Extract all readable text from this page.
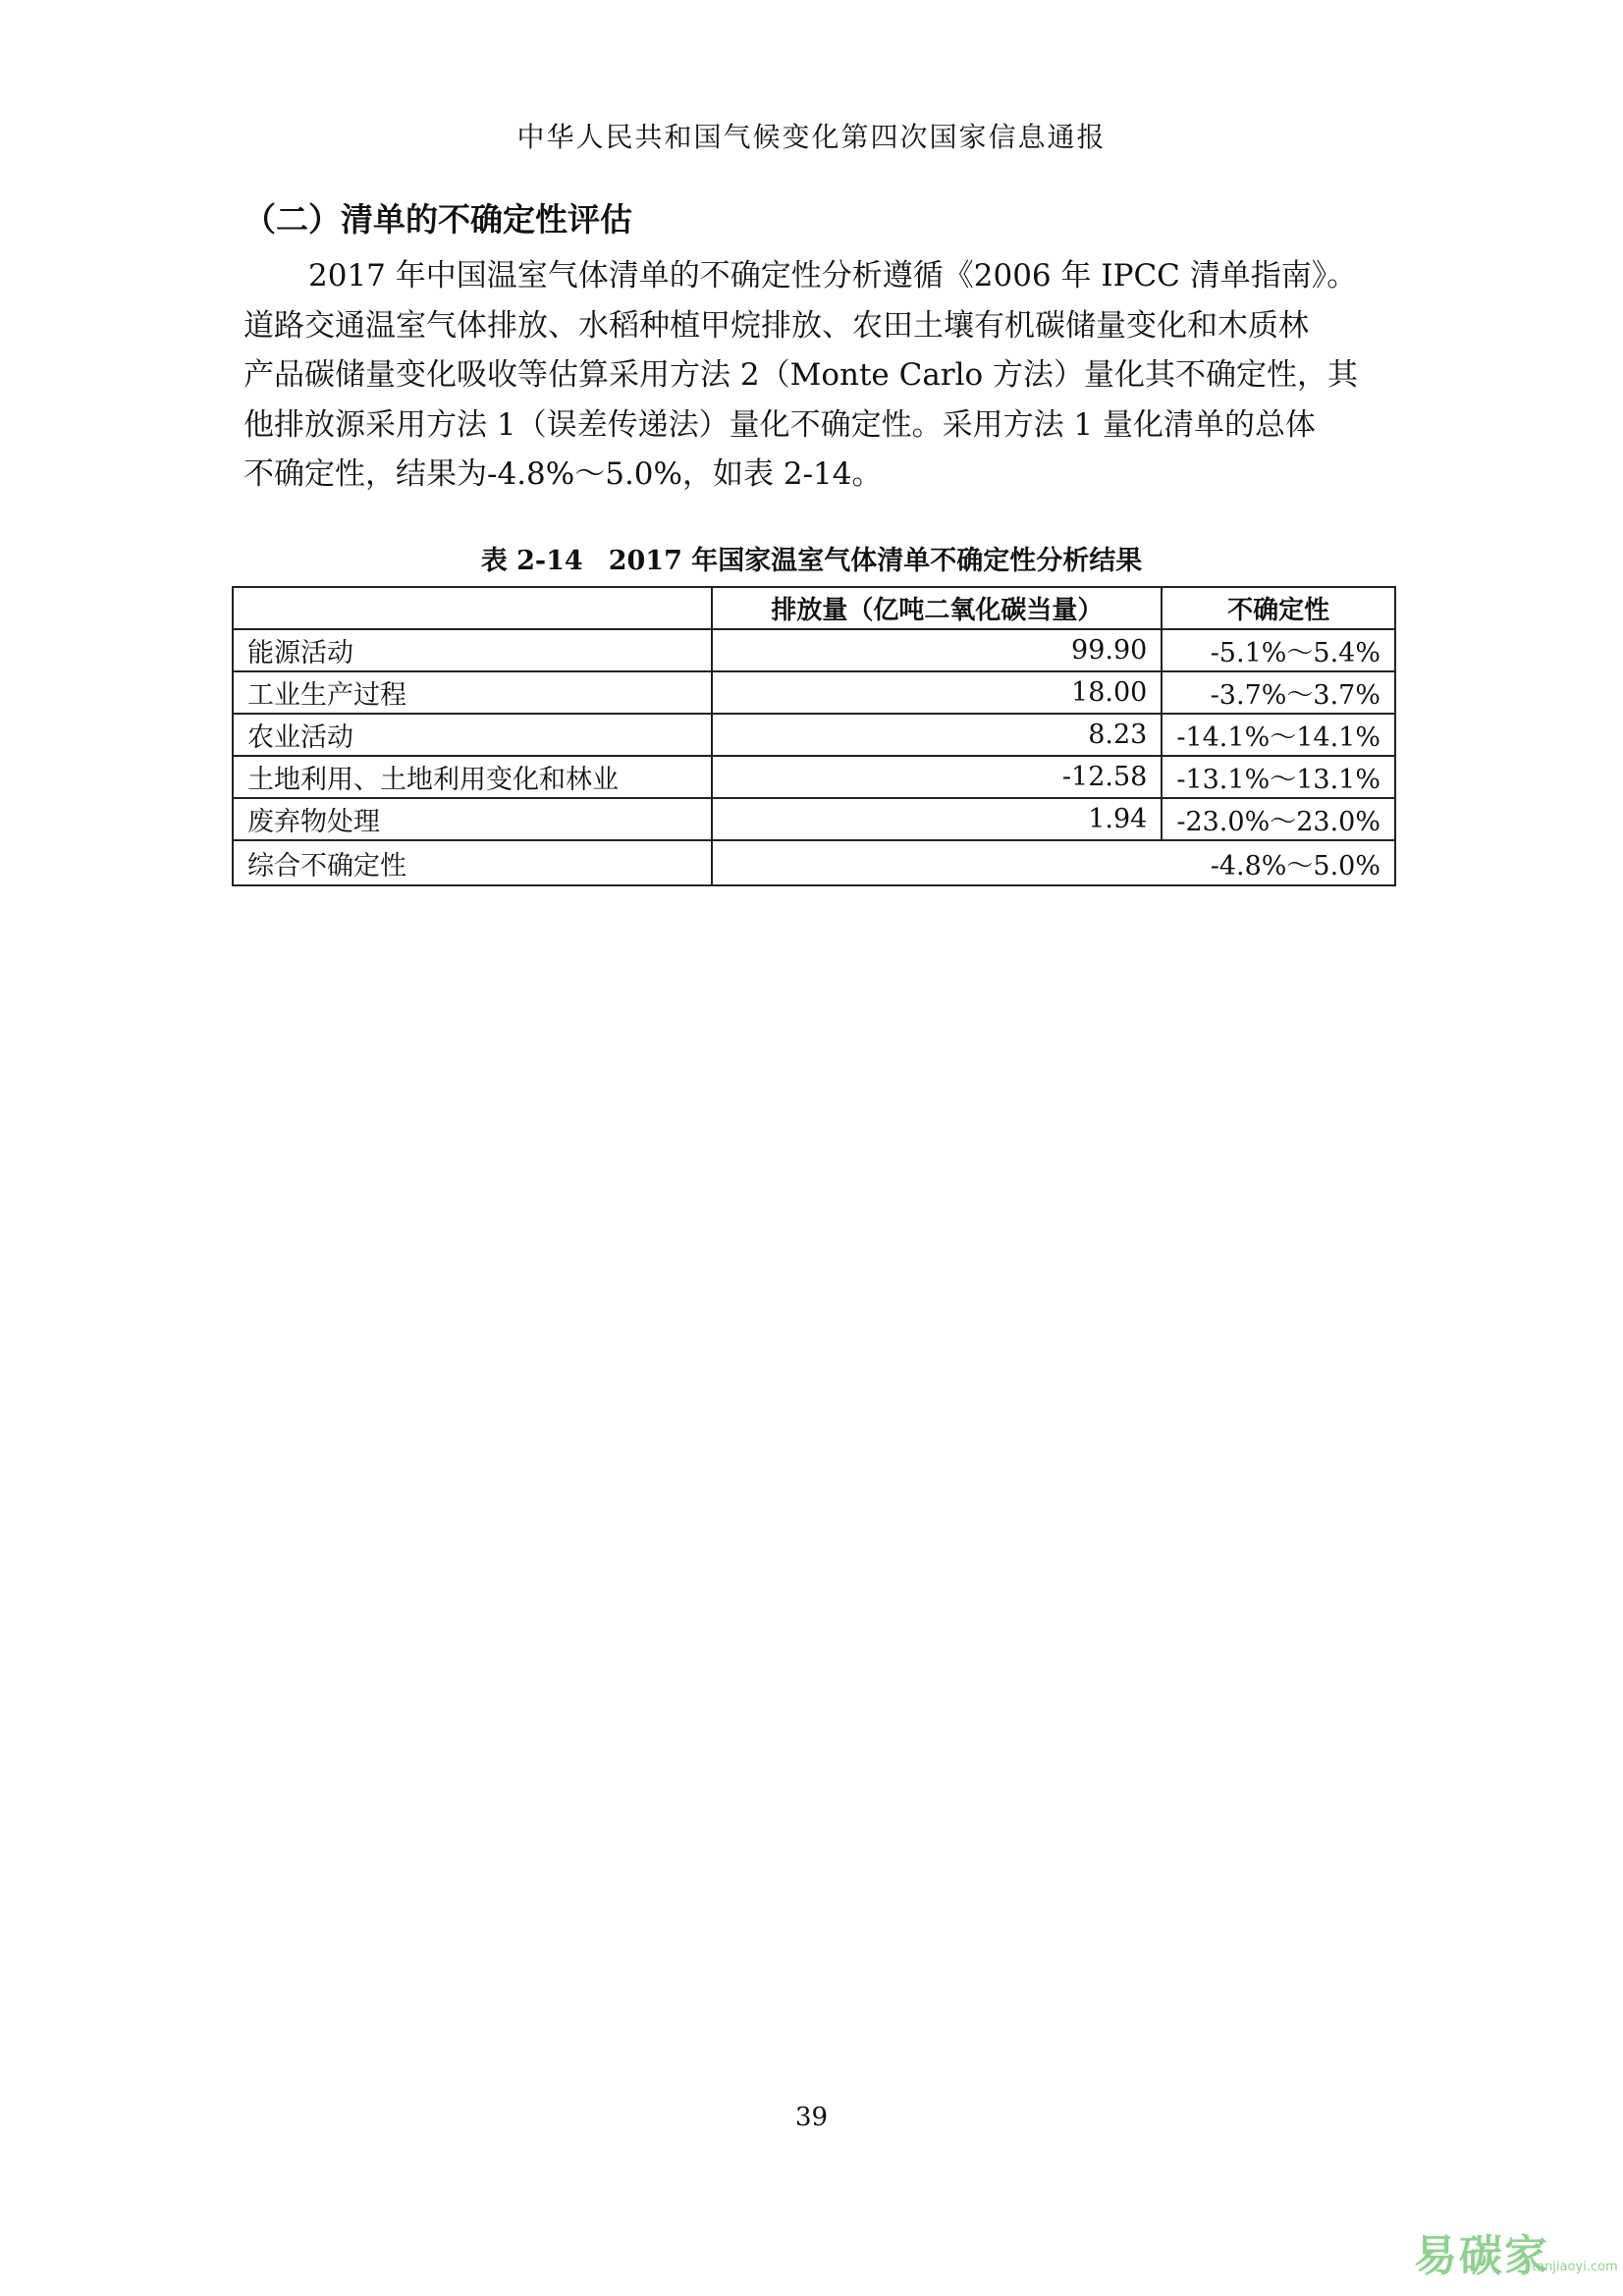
中华人民共和国气候变化第四次国家信息通报
（二）清单的不确定性评估
2017 年中国温室气体清单的不确定性分析遵循《2006 年 IPCC 清单指南》。
道路交通温室气体排放、水稻种植甲烷排放、农田土壤有机碳储量变化和木质林
产品碳储量变化吸收等估算采用方法 2（Monte Carlo 方法）量化其不确定性，其
他排放源采用方法 1（误差传递法）量化不确定性。采用方法 1 量化清单的总体
不确定性，结果为-4.8%～5.0%，如表 2-14。
表 2-14 2017 年国家温室气体清单不确定性分析结果
	排放量（亿吨二氧化碳当量）	不确定性
能源活动	99.90	-5.1%～5.4%
工业生产过程	18.00	-3.7%～3.7%
农业活动	8.23	-14.1%～14.1%
土地利用、土地利用变化和林业	-12.58	-13.1%～13.1%
废弃物处理	1.94	-23.0%～23.0%
综合不确定性	-4.8%～5.0%	
39
易碳家
tanjiaoyi.com
